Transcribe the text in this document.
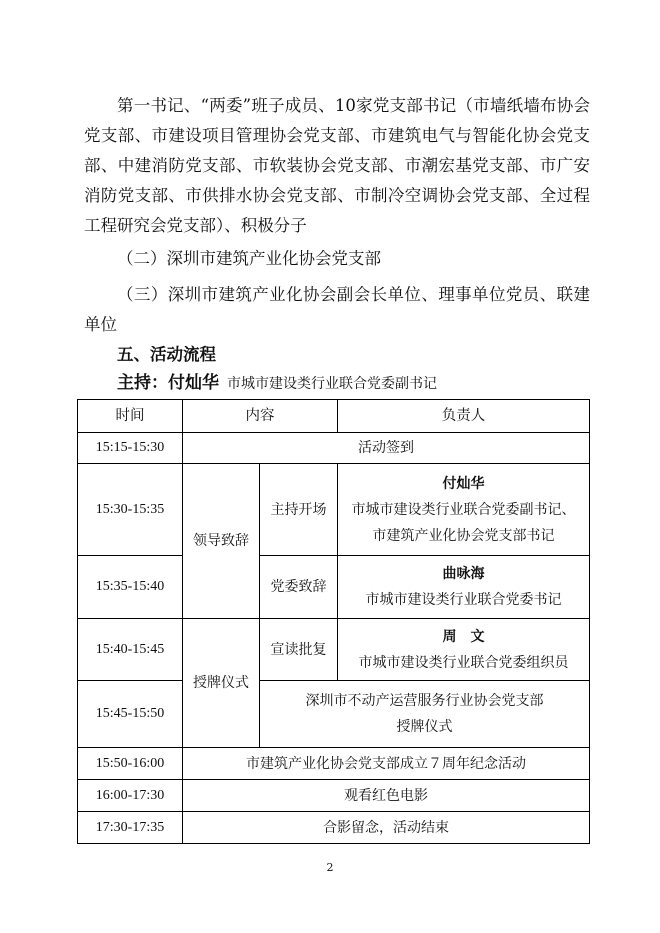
第一书记、“两委”班子成员、10家党支部书记（市墙纸墙布协会党支部、市建设项目管理协会党支部、市建筑电气与智能化协会党支部、中建消防党支部、市软装协会党支部、市潮宏基党支部、市广安消防党支部、市供排水协会党支部、市制冷空调协会党支部、全过程工程研究会党支部）、积极分子

（二）深圳市建筑产业化协会党支部

（三）深圳市建筑产业化协会副会长单位、理事单位党员、联建单位

五、活动流程

主持：付灿华 市城市建设类行业联合党委副书记
时间	内容		负责人
15:15-15:30	活动签到		
15:30-15:35	领导致辞	主持开场	付灿华
市城市建设类行业联合党委副书记、
市建筑产业化协会党支部书记

15:35-15:40		党委致辞	曲咏海
市城市建设类行业联合党委书记

15:40-15:45	授牌仪式	宣读批复	周　文
市城市建设类行业联合党委组织员

15:45-15:50		深圳市不动产运营服务行业协会党支部
授牌仪式	

15:50-16:00	市建筑产业化协会党支部成立７周年纪念活动		
16:00-17:30	观看红色电影		
17:30-17:35	合影留念，活动结束		
2
